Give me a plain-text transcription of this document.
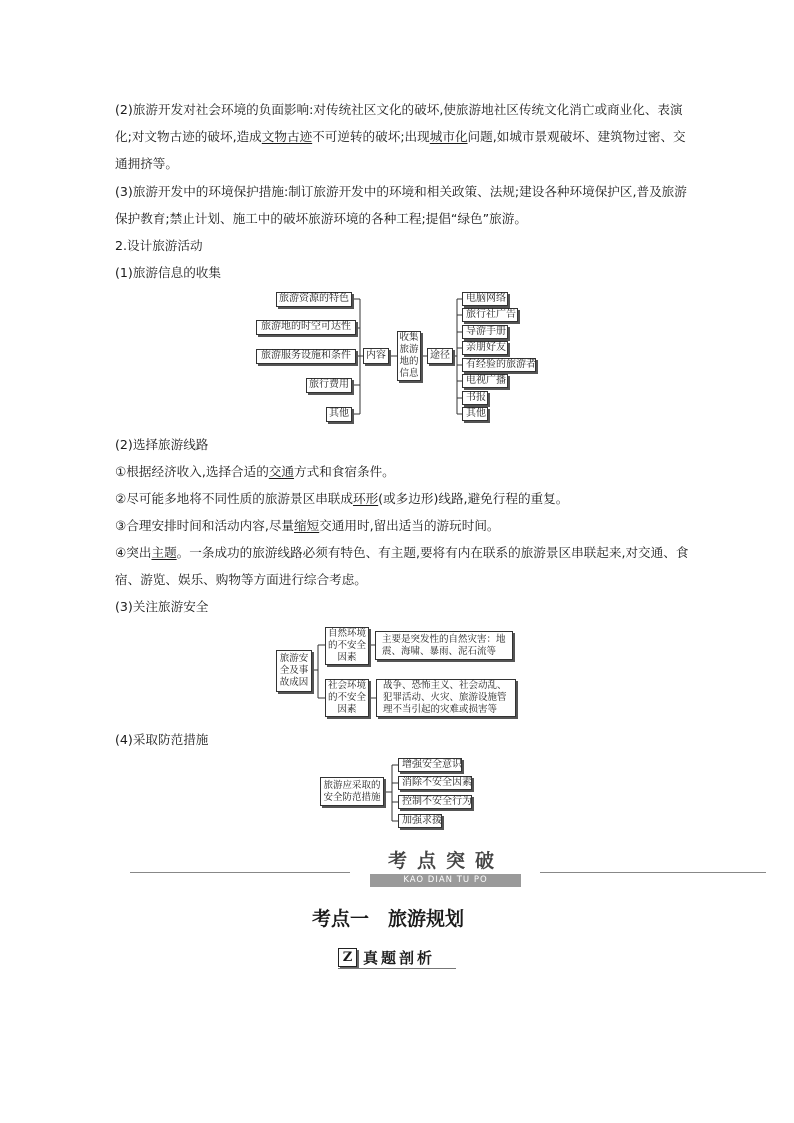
(2)旅游开发对社会环境的负面影响:对传统社区文化的破坏,使旅游地社区传统文化消亡或商业化、表演化;对文物古迹的破坏,造成文物古迹不可逆转的破坏;出现城市化问题,如城市景观破坏、建筑物过密、交通拥挤等。

(3)旅游开发中的环境保护措施:制订旅游开发中的环境和相关政策、法规;建设各种环境保护区,普及旅游保护教育;禁止计划、施工中的破坏旅游环境的各种工程;提倡“绿色”旅游。

2.设计旅游活动

(1)旅游信息的收集

旅游资源的特色
旅游地的时空可达性
旅游服务设施和条件
旅行费用
其他
内容
收集旅游地的信息
途径
电脑网络
旅行社广告
导游手册
亲朋好友
有经验的旅游者
电视广播
书报
其他

(2)选择旅游线路

①根据经济收入,选择合适的交通方式和食宿条件。

②尽可能多地将不同性质的旅游景区串联成环形(或多边形)线路,避免行程的重复。

③合理安排时间和活动内容,尽量缩短交通用时,留出适当的游玩时间。

④突出主题。一条成功的旅游线路必须有特色、有主题,要将有内在联系的旅游景区串联起来,对交通、食宿、游览、娱乐、购物等方面进行综合考虑。

(3)关注旅游安全

旅游安全及事故成因
自然环境的不安全因素
主要是突发性的自然灾害：地震、海啸、暴雨、泥石流等
社会环境的不安全因素
战争、恐怖主义、社会动乱、犯罪活动、火灾、旅游设施管理不当引起的灾难或损害等

(4)采取防范措施

旅游应采取的安全防范措施
增强安全意识
消除不安全因素
控制不安全行为
加强求援
考点突破
KAO DIAN TU PO
考点一　旅游规划
Z 真题剖析
